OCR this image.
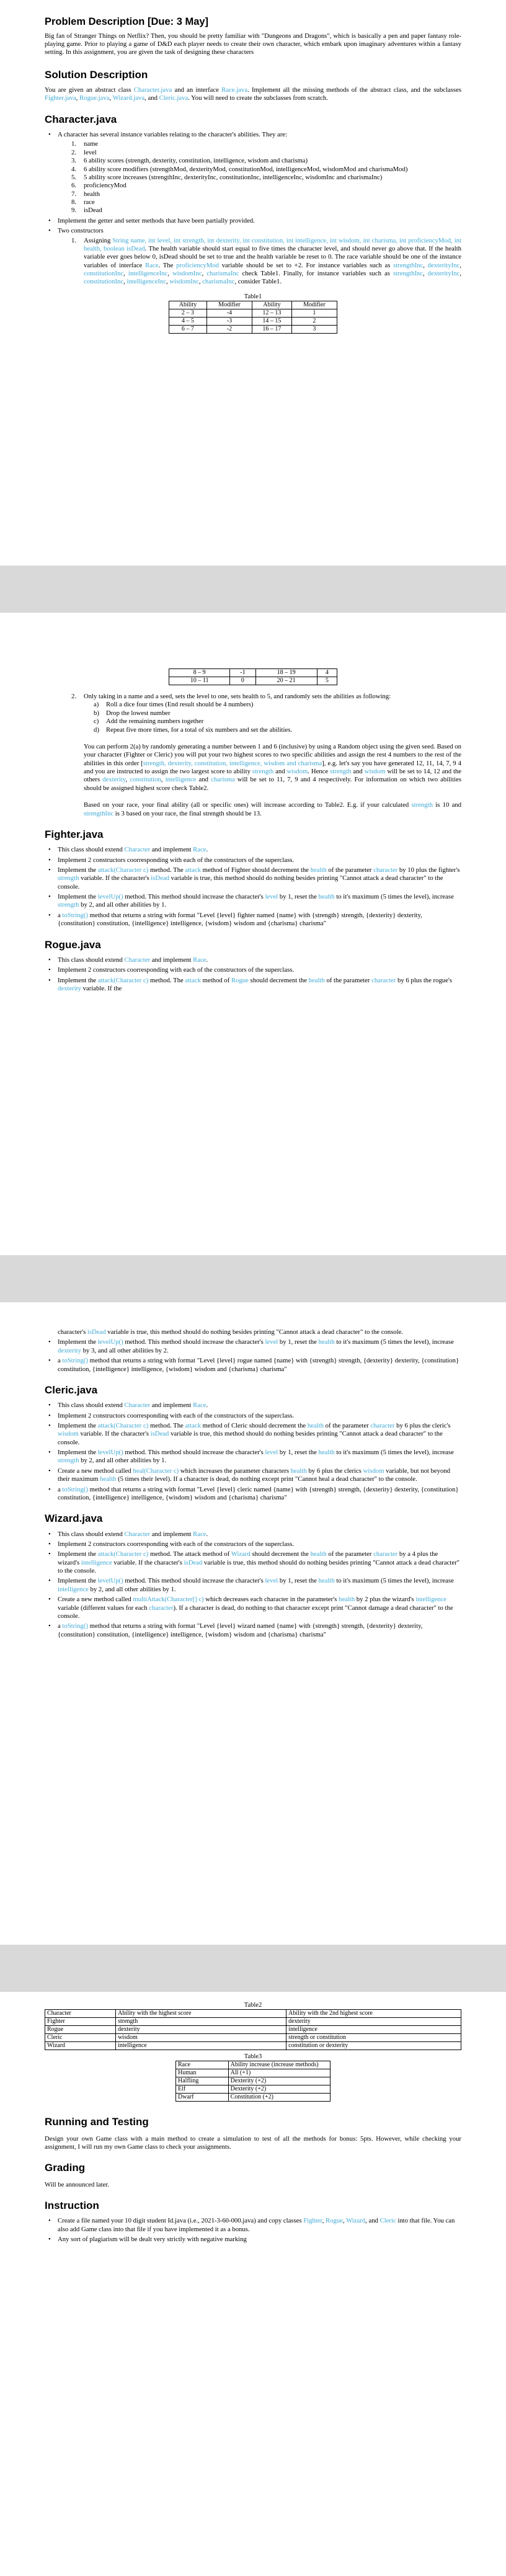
Problem Description [Due: 3 May]

Big fan of Stranger Things on Netflix? Then, you should be pretty familiar with "Dungeons and Dragons", which is basically a pen and paper fantasy role-playing game. Prior to playing a game of D&D each player needs to create their own character, which embark upon imaginary adventures within a fantasy setting. In this assignment, you are given the task of designing these characters

Solution Description

You are given an abstract class Character.java and an interface Race.java. Implement all the missing methods of the abstract class, and the subclasses Fighter.java, Rogue.java, Wizard.java, and Cleric.java. You will need to create the subclasses from scratch.

Character.java
• A character has several instance variables relating to the character's abilities. They are:
1. name
2. level
3. 6 ability scores (strength, dexterity, constitution, intelligence, wisdom and charisma)
4. 6 ability score modifiers (strengthMod, dexterityMod, constitutionMod, intelligenceMod, wisdomMod and charismaMod)
5. 5 ability score increases (strengthInc, dexterityInc, constitutionInc, intelligenceInc, wisdomInc and charismaInc)
6. proficiencyMod
7. health
8. race
9. isDead
• Implement the getter and setter methods that have been partially provided.
• Two constructors
1. Assigning String name, int level, int strength, int dexterity, int constitution, int intelligence, int wisdom, int charisma, int proficiencyMod, int health, boolean isDead. The health variable should start equal to five times the character level, and should never go above that. If the health variable ever goes below 0, isDead should be set to true and the health variable be reset to 0. The race variable should be one of the instance variables of interface Race. The proficiencyMod variable should be set to +2. For instance variables such as strengthInc, dexterityInc, constitutionInc, intelligenceInc, wisdomInc, charismaInc check Table1. Finally, for instance variables such as strengthInc, dexterityInc, constitutionInc, intelligenceInc, wisdomInc, charismaInc, consider Table1.
Table1
Ability	Modifier	Ability	Modifier
2 – 3	-4	12 – 13	1
4 – 5	-3	14 – 15	2
6 – 7	-2	16 – 17	3
8 – 9	-1	18 – 19	4
10 – 11	0	20 – 21	5
2. Only taking in a name and a seed, sets the level to one, sets health to 5, and randomly sets the abilities as following:
a) Roll a dice four times (End result should be 4 numbers)
b) Drop the lowest number
c) Add the remaining numbers together
d) Repeat five more times, for a total of six numbers and set the abilities.

You can perform 2(a) by randomly generating a number between 1 and 6 (inclusive) by using a Random object using the given seed. Based on your character (Fighter or Cleric) you will put your two highest scores to two specific abilities and assign the rest 4 numbers to the rest of the abilities in this order [strength, dexterity, constitution, intelligence, wisdom and charisma], e.g. let's say you have generated 12, 11, 14, 7, 9 4 and you are instructed to assign the two largest score to ability strength and wisdom. Hence strength and wisdom will be set to 14, 12 and the others dexterity, constitution, intelligence and charisma will be set to 11, 7, 9 and 4 respectively. For information on which two abilities should be assigned highest score check Table2.

Based on your race, your final ability (all or specific ones) will increase according to Table2. E.g. if your calculated strength is 10 and strengthInc is 3 based on your race, the final strength should be 13.

Fighter.java
• This class should extend Character and implement Race.
• Implement 2 constructors coorresponding with each of the constructors of the superclass.
• Implement the attack(Character c) method. The attack method of Fighter should decrement the health of the parameter character by 10 plus the fighter's strength variable. If the character's isDead variable is true, this method should do nothing besides printing "Cannot attack a dead character" to the console.
• Implement the levelUp() method. This method should increase the character's level by 1, reset the health to it's maximum (5 times the level), increase strength by 2, and all other abilities by 1.
• a toString() method that returns a string with format "Level {level} fighter named {name} with {strength} strength, {dexterity} dexterity, {constitution} constitution, {intelligence} intelligence, {wisdom} wisdom and {charisma} charisma"
Rogue.java
• This class should extend Character and implement Race.
• Implement 2 constructors coorresponding with each of the constructors of the superclass.
• Implement the attack(Character c) method. The attack method of Rogue should decrement the health of the parameter character by 6 plus the rogue's dexterity variable. If the
character's isDead variable is true, this method should do nothing besides printing "Cannot attack a dead character" to the console.
• Implement the levelUp() method. This method should increase the character's level by 1, reset the health to it's maximum (5 times the level), increase dexterity by 3, and all other abilities by 2.
• a toString() method that returns a string with format "Level {level} rogue named {name} with {strength} strength, {dexterity} dexterity, {constitution} constitution, {intelligence} intelligence, {wisdom} wisdom and {charisma} charisma"
Cleric.java
• This class should extend Character and implement Race.
• Implement 2 constructors coorresponding with each of the constructors of the superclass.
• Implement the attack(Character c) method. The attack method of Cleric should decrement the health of the parameter character by 6 plus the cleric's wisdom variable. If the character's isDead variable is true, this method should do nothing besides printing "Cannot attack a dead character" to the console.
• Implement the levelUp() method. This method should increase the character's level by 1, reset the health to it's maximum (5 times the level), increase strength by 2, and all other abilities by 1.
• Create a new method called heal(Character c) which increases the parameter characters health by 6 plus the clerics wisdom variable, but not beyond their maximum health (5 times their level). If a character is dead, do nothing except print "Cannot heal a dead character" to the console.
• a toString() method that returns a string with format "Level {level} cleric named {name} with {strength} strength, {dexterity} dexterity, {constitution} constitution, {intelligence} intelligence, {wisdom} wisdom and {charisma} charisma"
Wizard.java
• This class should extend Character and implement Race.
• Implement 2 constructors coorresponding with each of the constructors of the superclass.
• Implement the attack(Character c) method. The attack method of Wizard should decrement the health of the parameter character by a 4 plus the wizard's intelligence variable. If the character's isDead variable is true, this method should do nothing besides printing "Cannot attack a dead character" to the console.
• Implement the levelUp() method. This method should increase the character's level by 1, reset the health to it's maximum (5 times the level), increase intelligence by 2, and all other abilities by 1.
• Create a new method called multiAttack(Character[] c) which decreases each character in the parameter's health by 2 plus the wizard's intelligence variable (different values for each character). If a character is dead, do nothing to that character except print "Cannot damage a dead character" to the console.
• a toString() method that returns a string with format "Level {level} wizard named {name} with {strength} strength, {dexterity} dexterity, {constitution} constitution, {intelligence} intelligence, {wisdom} wisdom and {charisma} charisma"
Table2
Character	Ability with the highest score	Ability with the 2nd highest score
Fighter	strength	dexterity
Rogue	dexterity	intelligence
Cleric	wisdom	strength or constitution
Wizard	intelligence	constitution or dexterity
Table3
Race	Ability increase (increase methods)
Human	All (+1)
Halfling	Dexterity (+2)
Elf	Dexterity (+2)
Dwarf	Constitution (+2)
Running and Testing

Design your own Game class with a main method to create a simulation to test of all the methods for bonus: 5pts. However, while checking your assignment, I will run my own Game class to check your assignments.

Grading

Will be announced later.

Instruction
• Create a file named your 10 digit student Id.java (i.e., 2021-3-60-000.java) and copy classes Fighter, Rogue, Wizard, and Cleric into that file. You can also add Game class into that file if you have implemented it as a bonus.
• Any sort of plagiarism will be dealt very strictly with negative marking
